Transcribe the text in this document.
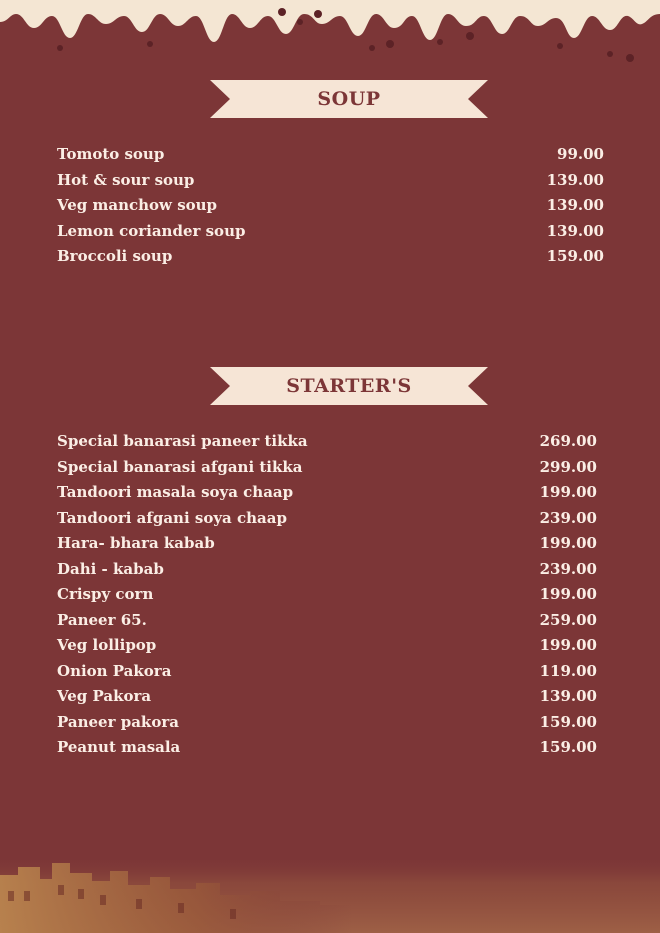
SOUP
Tomoto soup	99.00
Hot & sour soup	139.00
Veg manchow soup	139.00
Lemon coriander soup	139.00
Broccoli soup	159.00
STARTER'S
Special banarasi paneer tikka	269.00
Special banarasi afgani tikka	299.00
Tandoori masala soya chaap	199.00
Tandoori afgani soya chaap	239.00
Hara- bhara kabab	199.00
Dahi - kabab	239.00
Crispy corn	199.00
Paneer 65.	259.00
Veg lollipop	199.00
Onion Pakora	119.00
Veg Pakora	139.00
Paneer pakora	159.00
Peanut masala	159.00
